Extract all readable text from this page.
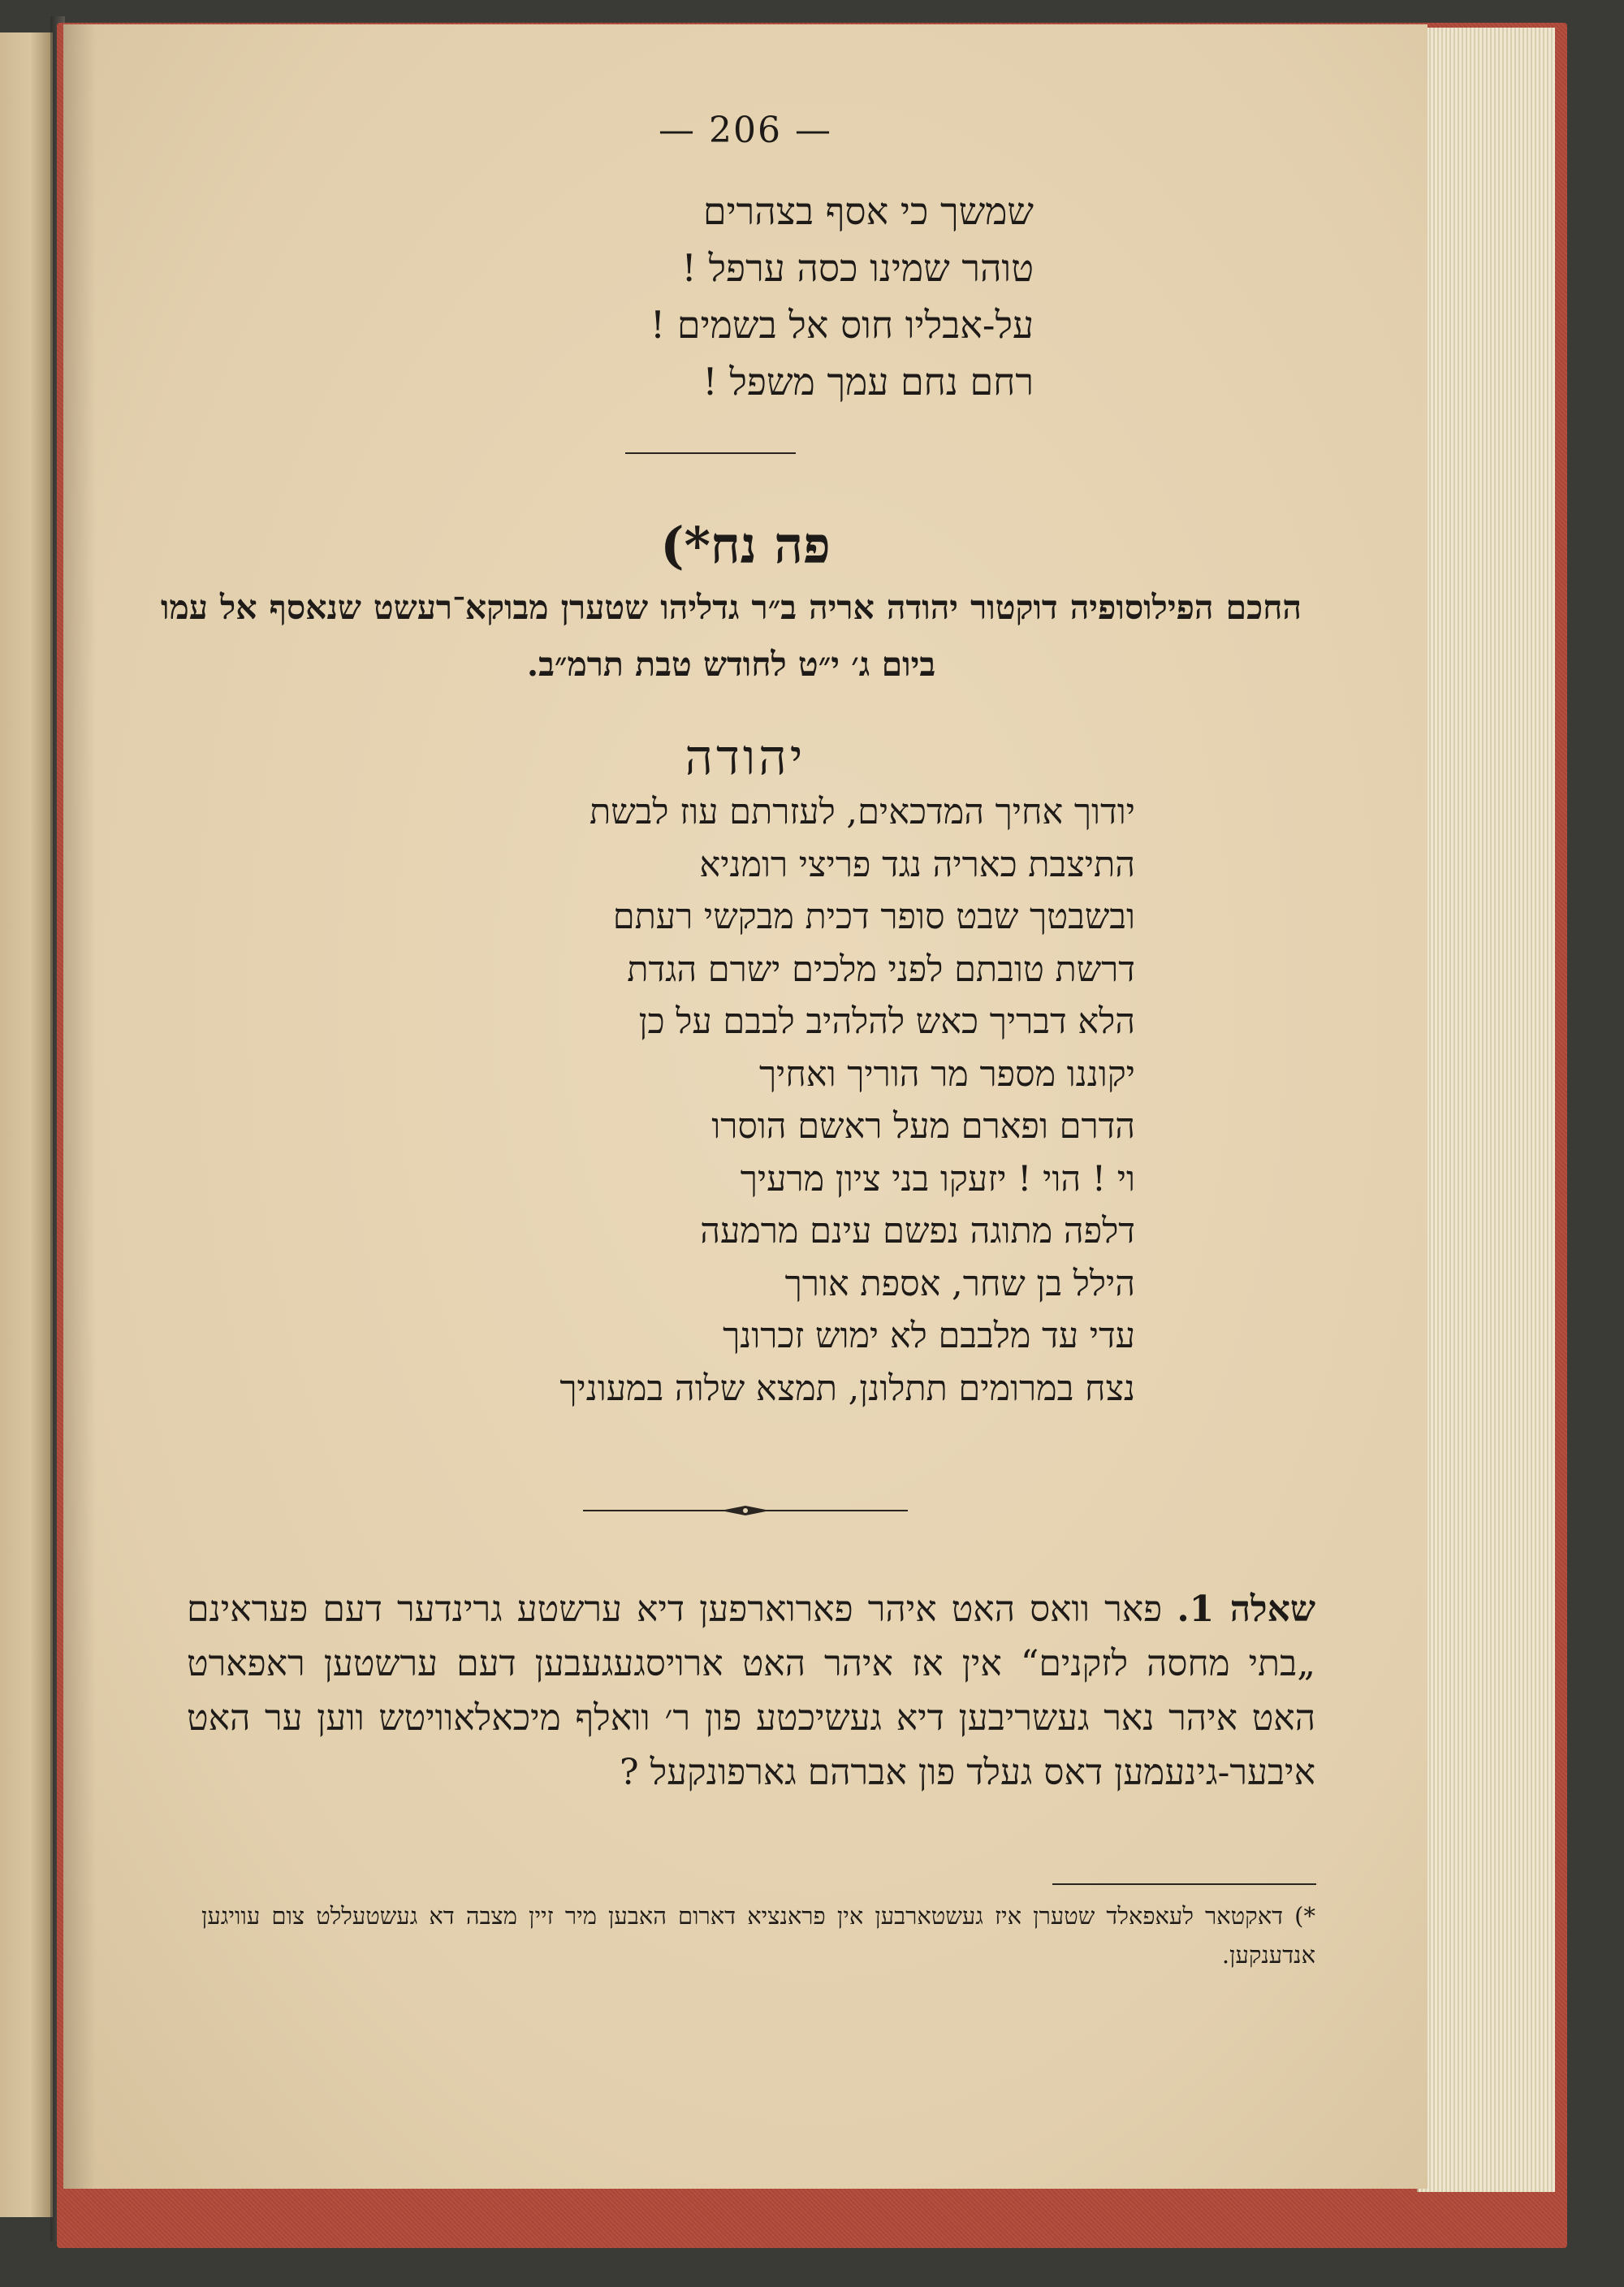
— 206 —
שמשך כי אסף בצהרים
טוהר שמינו כסה ערפל !
על-אבליו חוס אל בשמים !
רחם נחם עמך משפל !
פה נח*)
החכם הפילוסופיה דוקטור יהודה אריה ב״ר גדליהו שטערן מבוקא־רעשט שנאסף אל עמו ביום ג׳ י״ט לחודש טבת תרמ״ב.
יהודה
יודוך אחיך המדכאים, לעזרתם עוז לבשת
התיצבת כאריה נגד פריצי רומניא
ובשבטך שבט סופר דכית מבקשי רעתם
דרשת טובתם לפני מלכים ישרם הגדת
הלא דבריך כאש להלהיב לבבם על כן
יקוננו מספר מר הוריך ואחיך
הדרם ופארם מעל ראשם הוסרו
וי ! הוי ! יזעקו בני ציון מרעיך
דלפה מתוגה נפשם עינם מרמעה
הילל בן שחר, אספת אורך
עדי עד מלבבם לא ימוש זכרונך
נצח במרומים תתלונן, תמצא שלוה במעוניך

שאלה 1. פאר וואס האט איהר פארוארפען דיא ערשטע גרינדער דעם פעראינם „בתי מחסה לזקנים“ אין אז איהר האט ארויסגעגעבען דעם ערשטען ראפארט האט איהר נאר געשריבען דיא געשיכטע פון ר׳ וואלף מיכאלאוויטש ווען ער האט איבער-גינעמען דאס געלד פון אברהם גארפונקעל ?

*) דאקטאר לעאפאלד שטערן איז געשטארבען אין פראנציא דארום האבען מיר זיין מצבה דא געשטעללט צום עוויגען אנדענקען.
